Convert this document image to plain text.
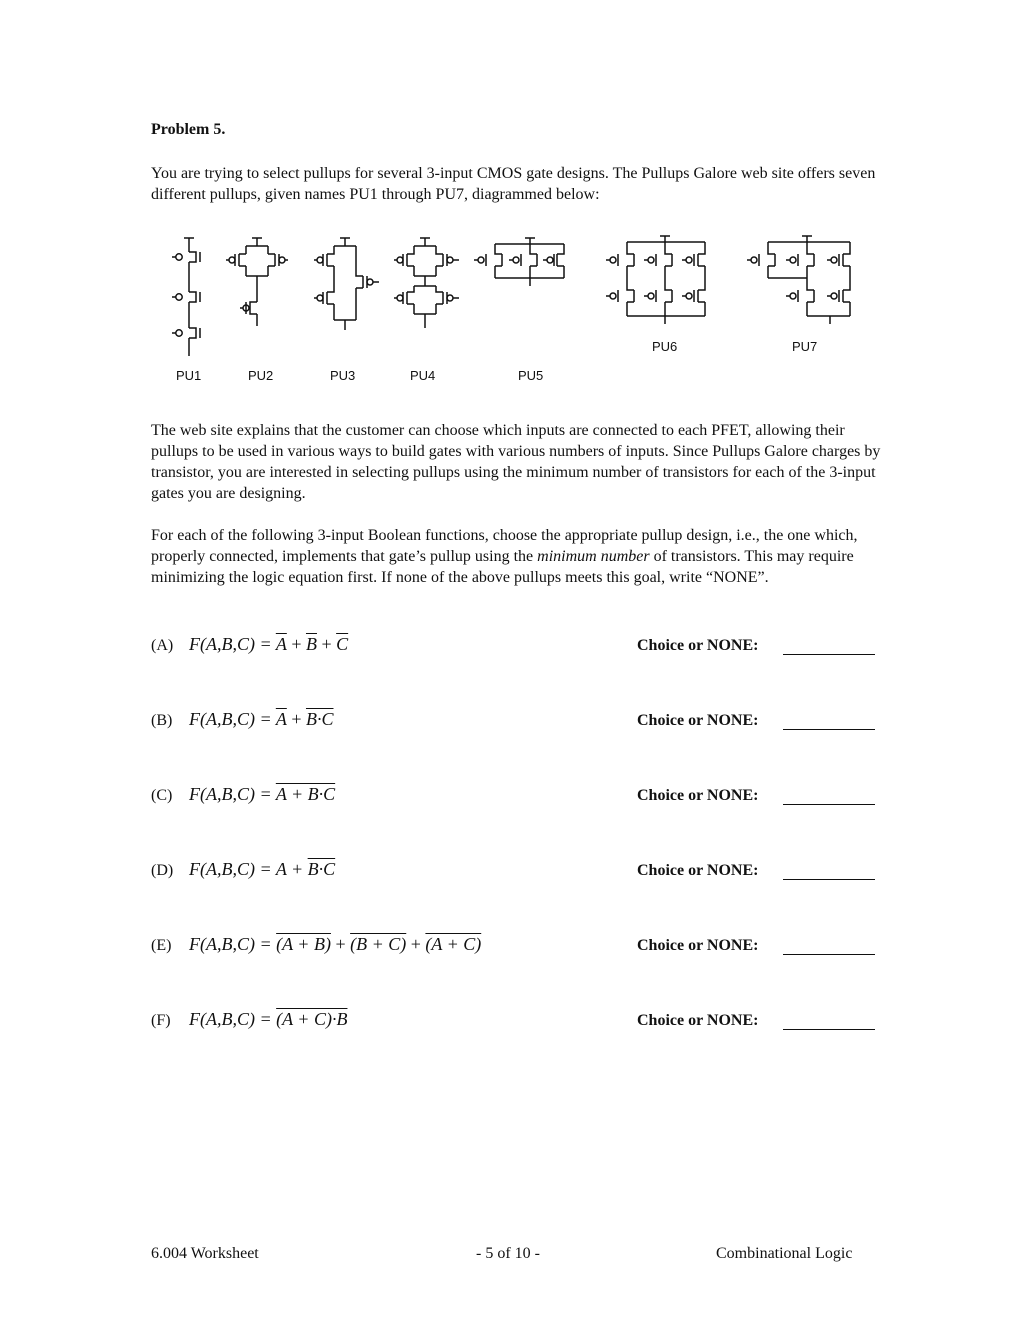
Problem 5.
You are trying to select pullups for several 3-input CMOS gate designs. The Pullups Galore web site offers seven different pullups, given names PU1 through PU7, diagrammed below:
PU1	PU2	PU3	PU4	PU5
PU6	PU7
The web site explains that the customer can choose which inputs are connected to each PFET, allowing their pullups to be used in various ways to build gates with various numbers of inputs. Since Pullups Galore charges by transistor, you are interested in selecting pullups using the minimum number of transistors for each of the 3-input gates you are designing.
For each of the following 3-input Boolean functions, choose the appropriate pullup design, i.e., the one which, properly connected, implements that gate’s pullup using the minimum number of transistors. This may require minimizing the logic equation first. If none of the above pullups meets this goal, write “NONE”.
(A) $F(A,B,C) = \overline{A} + \overline{B} + \overline{C}$	Choice or NONE:
(B) $F(A,B,C) = \overline{A} + B\cdot C$	Choice or NONE:
(C) F(A,B,C) = A + B·C	Choice or NONE:
(D) F(A,B,C) = A + B·C	Choice or NONE:
(E) F(A,B,C) = (A + B) + (B + C) + (A + C)	Choice or NONE:
(F) F(A,B,C) = (A + C)·B	Choice or NONE:
6.004 Worksheet	- 5 of 10 -	Combinational Logic
